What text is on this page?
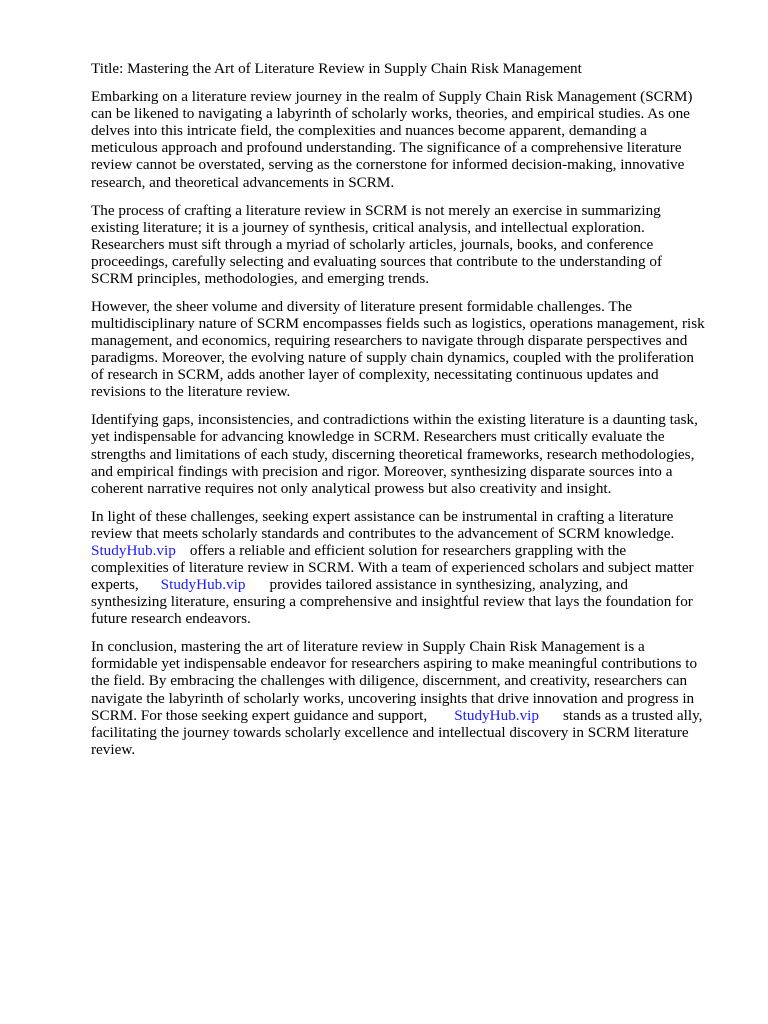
Title: Mastering the Art of Literature Review in Supply Chain Risk Management
Embarking on a literature review journey in the realm of Supply Chain Risk Management (SCRM)
can be likened to navigating a labyrinth of scholarly works, theories, and empirical studies. As one
delves into this intricate field, the complexities and nuances become apparent, demanding a
meticulous approach and profound understanding. The significance of a comprehensive literature
review cannot be overstated, serving as the cornerstone for informed decision-making, innovative
research, and theoretical advancements in SCRM.
The process of crafting a literature review in SCRM is not merely an exercise in summarizing
existing literature; it is a journey of synthesis, critical analysis, and intellectual exploration.
Researchers must sift through a myriad of scholarly articles, journals, books, and conference
proceedings, carefully selecting and evaluating sources that contribute to the understanding of
SCRM principles, methodologies, and emerging trends.
However, the sheer volume and diversity of literature present formidable challenges. The
multidisciplinary nature of SCRM encompasses fields such as logistics, operations management, risk
management, and economics, requiring researchers to navigate through disparate perspectives and
paradigms. Moreover, the evolving nature of supply chain dynamics, coupled with the proliferation
of research in SCRM, adds another layer of complexity, necessitating continuous updates and
revisions to the literature review.
Identifying gaps, inconsistencies, and contradictions within the existing literature is a daunting task,
yet indispensable for advancing knowledge in SCRM. Researchers must critically evaluate the
strengths and limitations of each study, discerning theoretical frameworks, research methodologies,
and empirical findings with precision and rigor. Moreover, synthesizing disparate sources into a
coherent narrative requires not only analytical prowess but also creativity and insight.
In light of these challenges, seeking expert assistance can be instrumental in crafting a literature
review that meets scholarly standards and contributes to the advancement of SCRM knowledge.
StudyHub.vip offers a reliable and efficient solution for researchers grappling with the
complexities of literature review in SCRM. With a team of experienced scholars and subject matter
experts, StudyHub.vip provides tailored assistance in synthesizing, analyzing, and
synthesizing literature, ensuring a comprehensive and insightful review that lays the foundation for
future research endeavors.
In conclusion, mastering the art of literature review in Supply Chain Risk Management is a
formidable yet indispensable endeavor for researchers aspiring to make meaningful contributions to
the field. By embracing the challenges with diligence, discernment, and creativity, researchers can
navigate the labyrinth of scholarly works, uncovering insights that drive innovation and progress in
SCRM. For those seeking expert guidance and support, StudyHub.vip stands as a trusted ally,
facilitating the journey towards scholarly excellence and intellectual discovery in SCRM literature
review.
